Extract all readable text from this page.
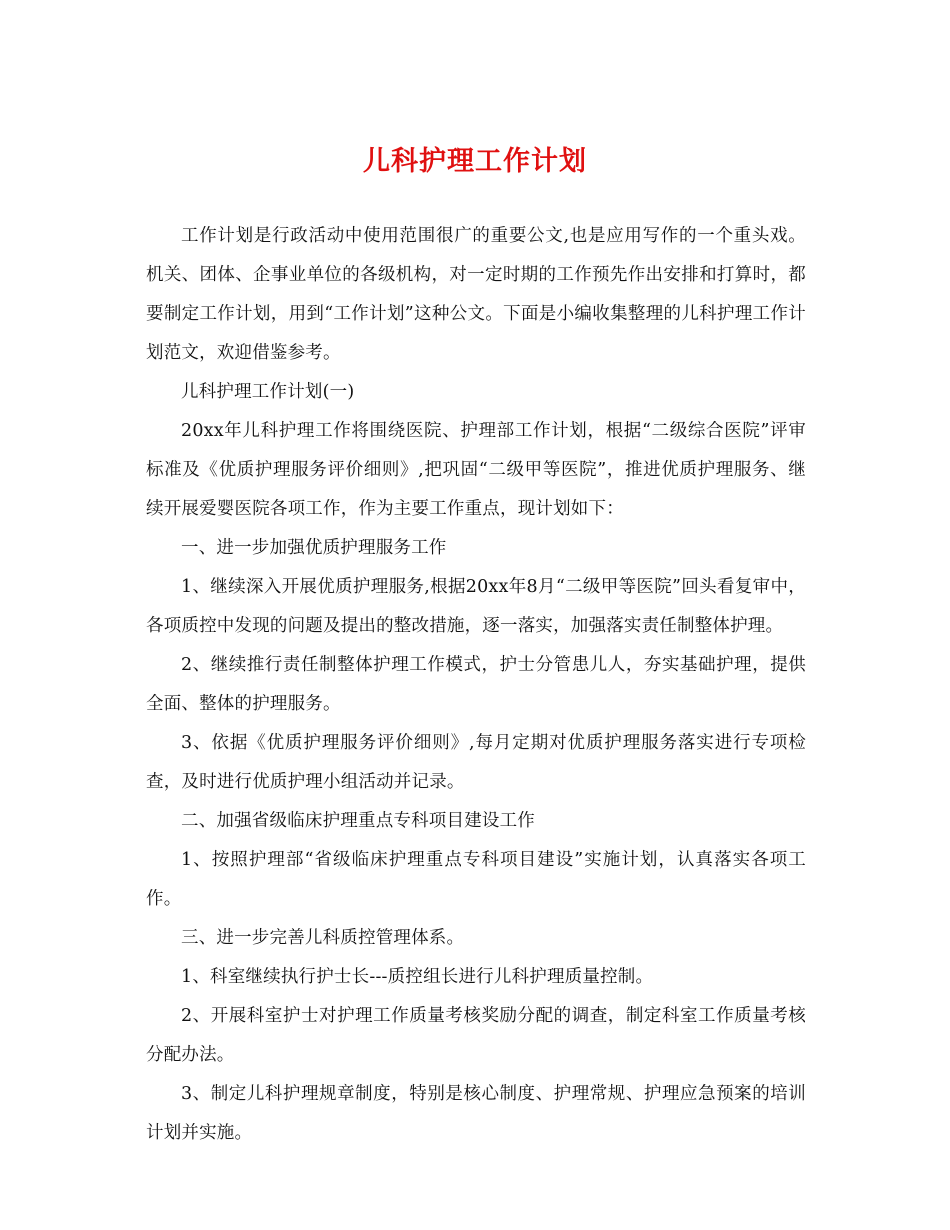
儿科护理工作计划

工作计划是行政活动中使用范围很广的重要公文,也是应用写作的一个重头戏。机关、团体、企事业单位的各级机构，对一定时期的工作预先作出安排和打算时，都要制定工作计划，用到“工作计划”这种公文。下面是小编收集整理的儿科护理工作计划范文，欢迎借鉴参考。

儿科护理工作计划(一)

20xx年儿科护理工作将围绕医院、护理部工作计划，根据“二级综合医院”评审标准及《优质护理服务评价细则》,把巩固“二级甲等医院”，推进优质护理服务、继续开展爱婴医院各项工作，作为主要工作重点，现计划如下：

一、进一步加强优质护理服务工作

1、继续深入开展优质护理服务,根据20xx年8月“二级甲等医院”回头看复审中，各项质控中发现的问题及提出的整改措施，逐一落实，加强落实责任制整体护理。

2、继续推行责任制整体护理工作模式，护士分管患儿人，夯实基础护理，提供全面、整体的护理服务。

3、依据《优质护理服务评价细则》,每月定期对优质护理服务落实进行专项检查，及时进行优质护理小组活动并记录。

二、加强省级临床护理重点专科项目建设工作

1、按照护理部“省级临床护理重点专科项目建设”实施计划，认真落实各项工作。

三、进一步完善儿科质控管理体系。

1、科室继续执行护士长---质控组长进行儿科护理质量控制。

2、开展科室护士对护理工作质量考核奖励分配的调查，制定科室工作质量考核分配办法。

3、制定儿科护理规章制度，特别是核心制度、护理常规、护理应急预案的培训计划并实施。
